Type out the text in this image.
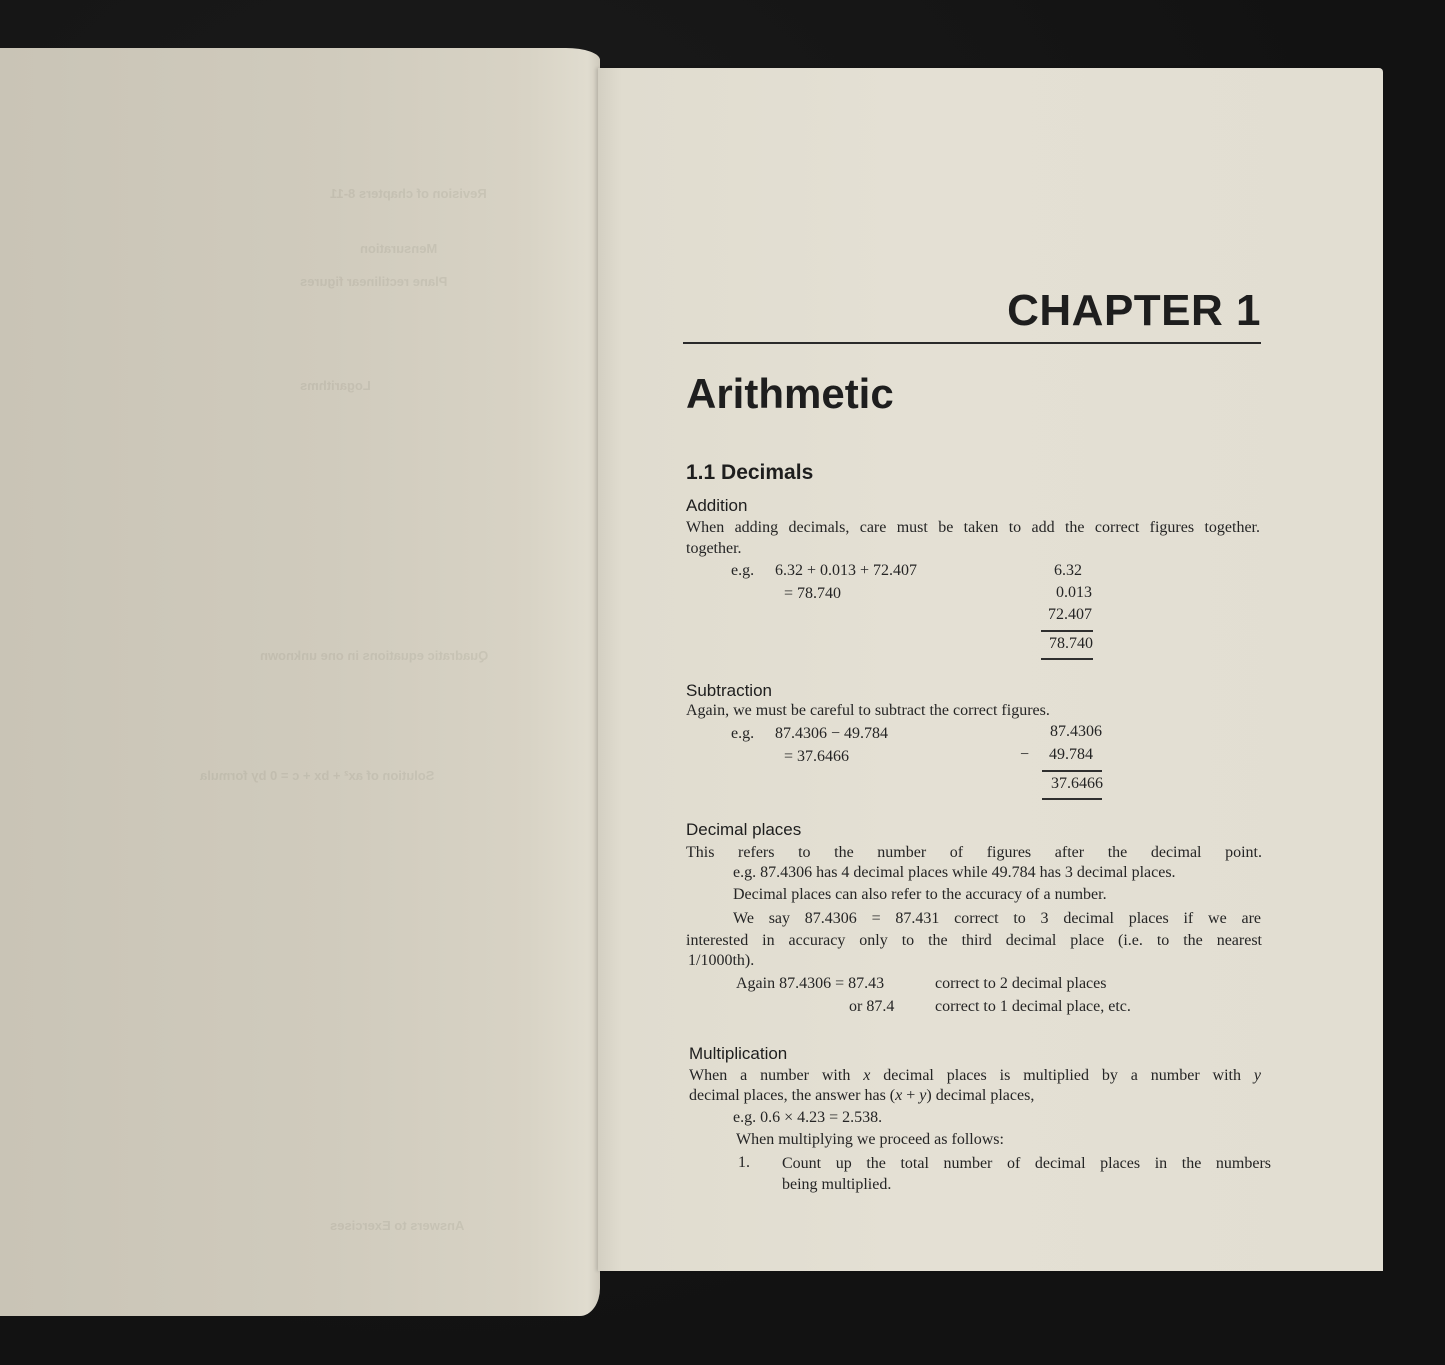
Revision of chapters 8-11
Mensuration
Plane rectilinear figures
Logarithms
Quadratic equations in one unknown
Solution of ax² + bx + c = 0 by formula
Answers to Exercises
CHAPTER 1
Arithmetic
1.1 Decimals
Addition
When adding decimals, care must be taken to add the correct figures together.
together.
e.g. 6.32 + 0.013 + 72.407
= 78.740
6.32
0.013
72.407
78.740
Subtraction
Again, we must be careful to subtract the correct figures.
e.g. 87.4306 − 49.784
= 37.6466
87.4306
−	49.784
37.6466
Decimal places
This refers to the number of figures after the decimal point.
e.g. 87.4306 has 4 decimal places while 49.784 has 3 decimal places.
Decimal places can also refer to the accuracy of a number.
We say 87.4306 = 87.431 correct to 3 decimal places if we are
interested in accuracy only to the third decimal place (i.e. to the nearest
1/1000th).
Again 87.4306 = 87.43	correct to 2 decimal places
or 87.4	correct to 1 decimal place, etc.
Multiplication
When a number with x decimal places is multiplied by a number with y
decimal places, the answer has (x + y) decimal places,
e.g. 0.6 × 4.23 = 2.538.
When multiplying we proceed as follows:
1. Count up the total number of decimal places in the numbers
being multiplied.
